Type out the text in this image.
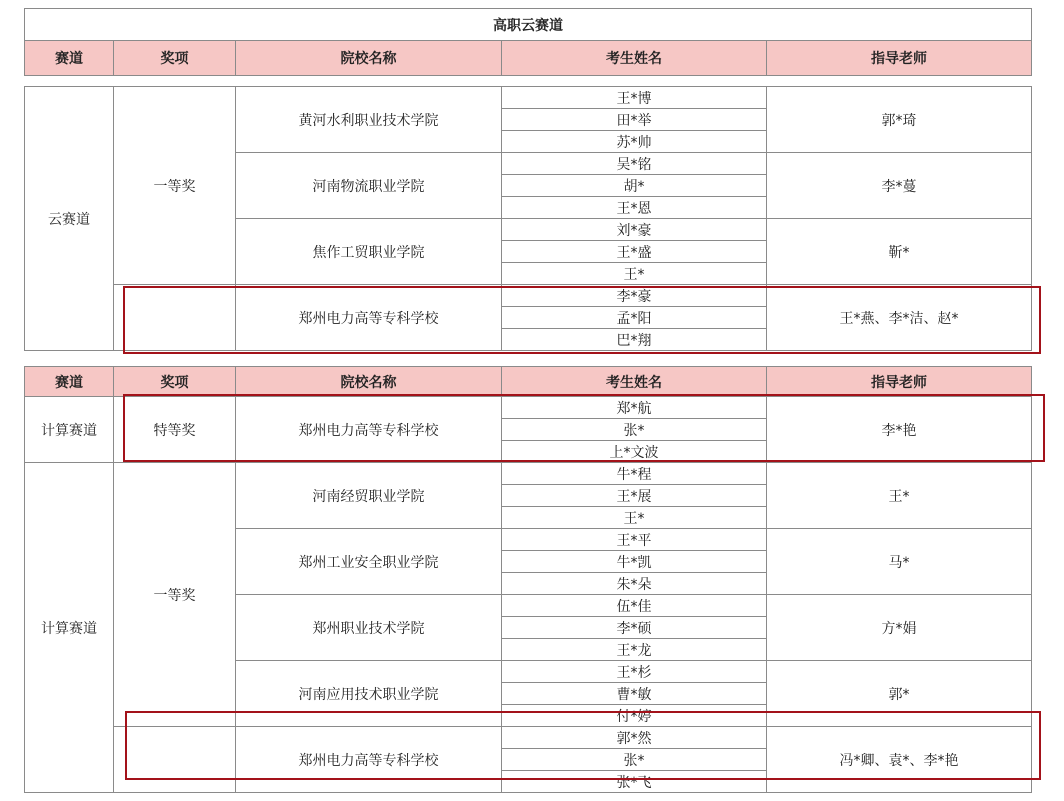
高职云赛道				
赛道	奖项	院校名称	考生姓名	指导老师

云赛道	一等奖	黄河水利职业技术学院	王*博	郭*琦
			田*举	
			苏*帅	
		河南物流职业学院	吴*铭	李*蔓
			胡*	
			王*恩	
		焦作工贸职业学院	刘*豪	靳*
			王*盛	
			王*	
		郑州电力高等专科学校	李*豪	王*燕、李*洁、赵*
			孟*阳	
			巴*翔	
赛道	奖项	院校名称	考生姓名	指导老师
计算赛道	特等奖	郑州电力高等专科学校	郑*航	李*艳
			张*	
			上*文波	
计算赛道	一等奖	河南经贸职业学院	牛*程	王*
			王*展	
			王*	
		郑州工业安全职业学院	王*平	马*
			牛*凯	
			朱*朵	
		郑州职业技术学院	伍*佳	方*娟
			李*硕	
			王*龙	
		河南应用技术职业学院	王*杉	郭*
			曹*敏	
			付*婷	
		郑州电力高等专科学校	郭*然	冯*卿、袁*、李*艳
			张*	
			张*飞	
